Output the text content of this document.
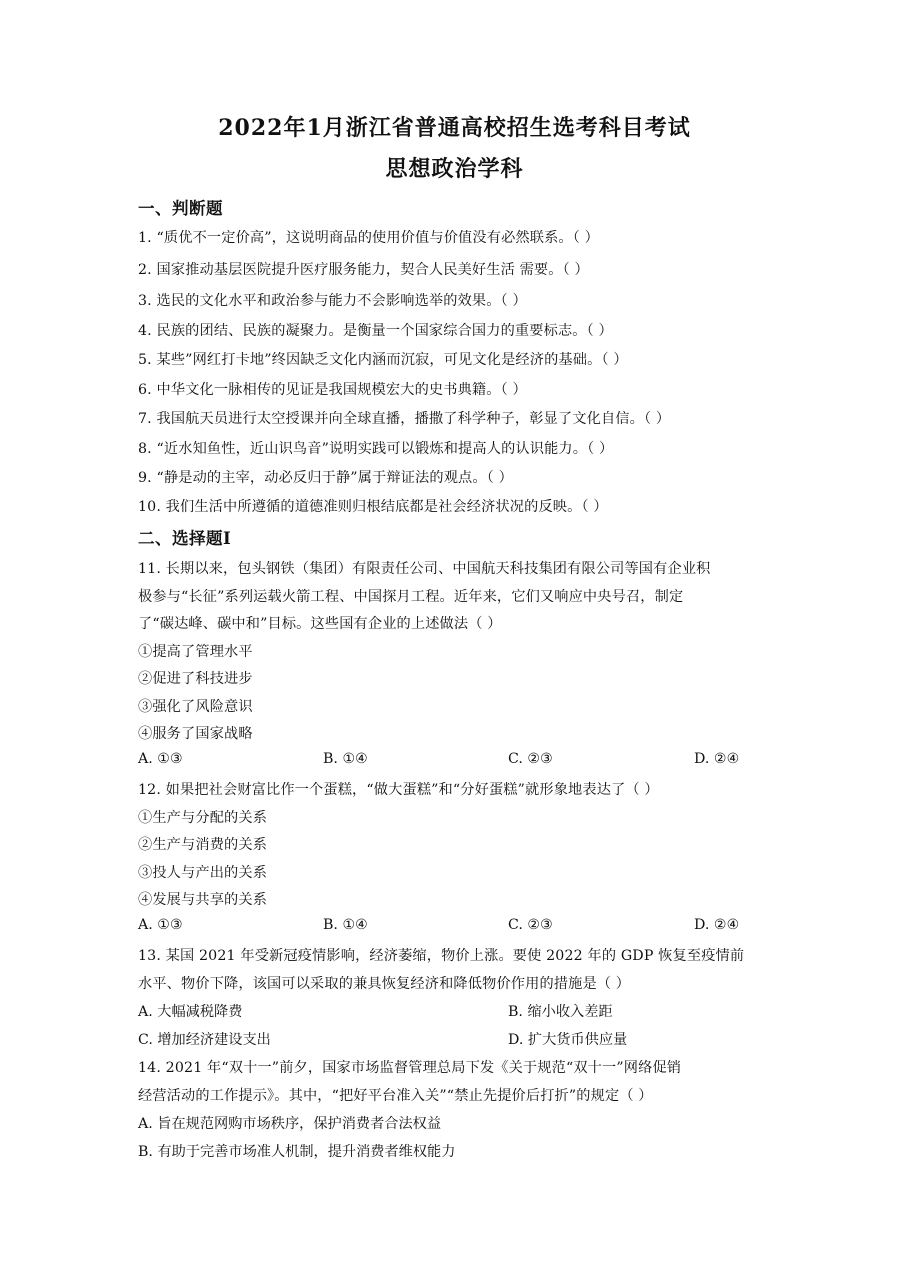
2022年1月浙江省普通高校招生选考科目考试
思想政治学科
一、判断题
1. “质优不一定价高”，这说明商品的使用价值与价值没有必然联系。（ ）
2. 国家推动基层医院提升医疗服务能力，契合人民美好生活 需要。（ ）
3. 选民的文化水平和政治参与能力不会影响选举的效果。（ ）
4. 民族的团结、民族的凝聚力。是衡量一个国家综合国力的重要标志。（ ）
5. 某些”网红打卡地”终因缺乏文化内涵而沉寂，可见文化是经济的基础。（ ）
6. 中华文化一脉相传的见证是我国规模宏大的史书典籍。（ ）
7. 我国航天员进行太空授课并向全球直播，播撒了科学种子，彰显了文化自信。（ ）
8. “近水知鱼性，近山识鸟音”说明实践可以锻炼和提高人的认识能力。（ ）
9. “静是动的主宰，动必反归于静”属于辩证法的观点。（ ）
10. 我们生活中所遵循的道德准则归根结底都是社会经济状况的反映。（ ）
二、选择题Ⅰ
11. 长期以来，包头钢铁（集团）有限责任公司、中国航天科技集团有限公司等国有企业积
极参与“长征”系列运载火箭工程、中国探月工程。近年来，它们又响应中央号召，制定
了“碳达峰、碳中和”目标。这些国有企业的上述做法（ ）
①提高了管理水平
②促进了科技进步
③强化了风险意识
④服务了国家战略
A. ①③	B. ①④	C. ②③	D. ②④
12. 如果把社会财富比作一个蛋糕，“做大蛋糕”和“分好蛋糕”就形象地表达了（ ）
①生产与分配的关系
②生产与消费的关系
③投人与产出的关系
④发展与共享的关系
A. ①③	B. ①④	C. ②③	D. ②④
13. 某国 2021 年受新冠疫情影响，经济萎缩，物价上涨。要使 2022 年的 GDP 恢复至疫情前
水平、物价下降，该国可以采取的兼具恢复经济和降低物价作用的措施是（ ）
A. 大幅减税降费	B. 缩小收入差距
C. 增加经济建设支出	D. 扩大货币供应量
14. 2021 年“双十一”前夕，国家市场监督管理总局下发《关于规范“双十一”网络促销
经营活动的工作提示》。其中，“把好平台准入关”“禁止先提价后打折”的规定（ ）
A. 旨在规范网购市场秩序，保护消费者合法权益
B. 有助于完善市场准人机制，提升消费者维权能力
